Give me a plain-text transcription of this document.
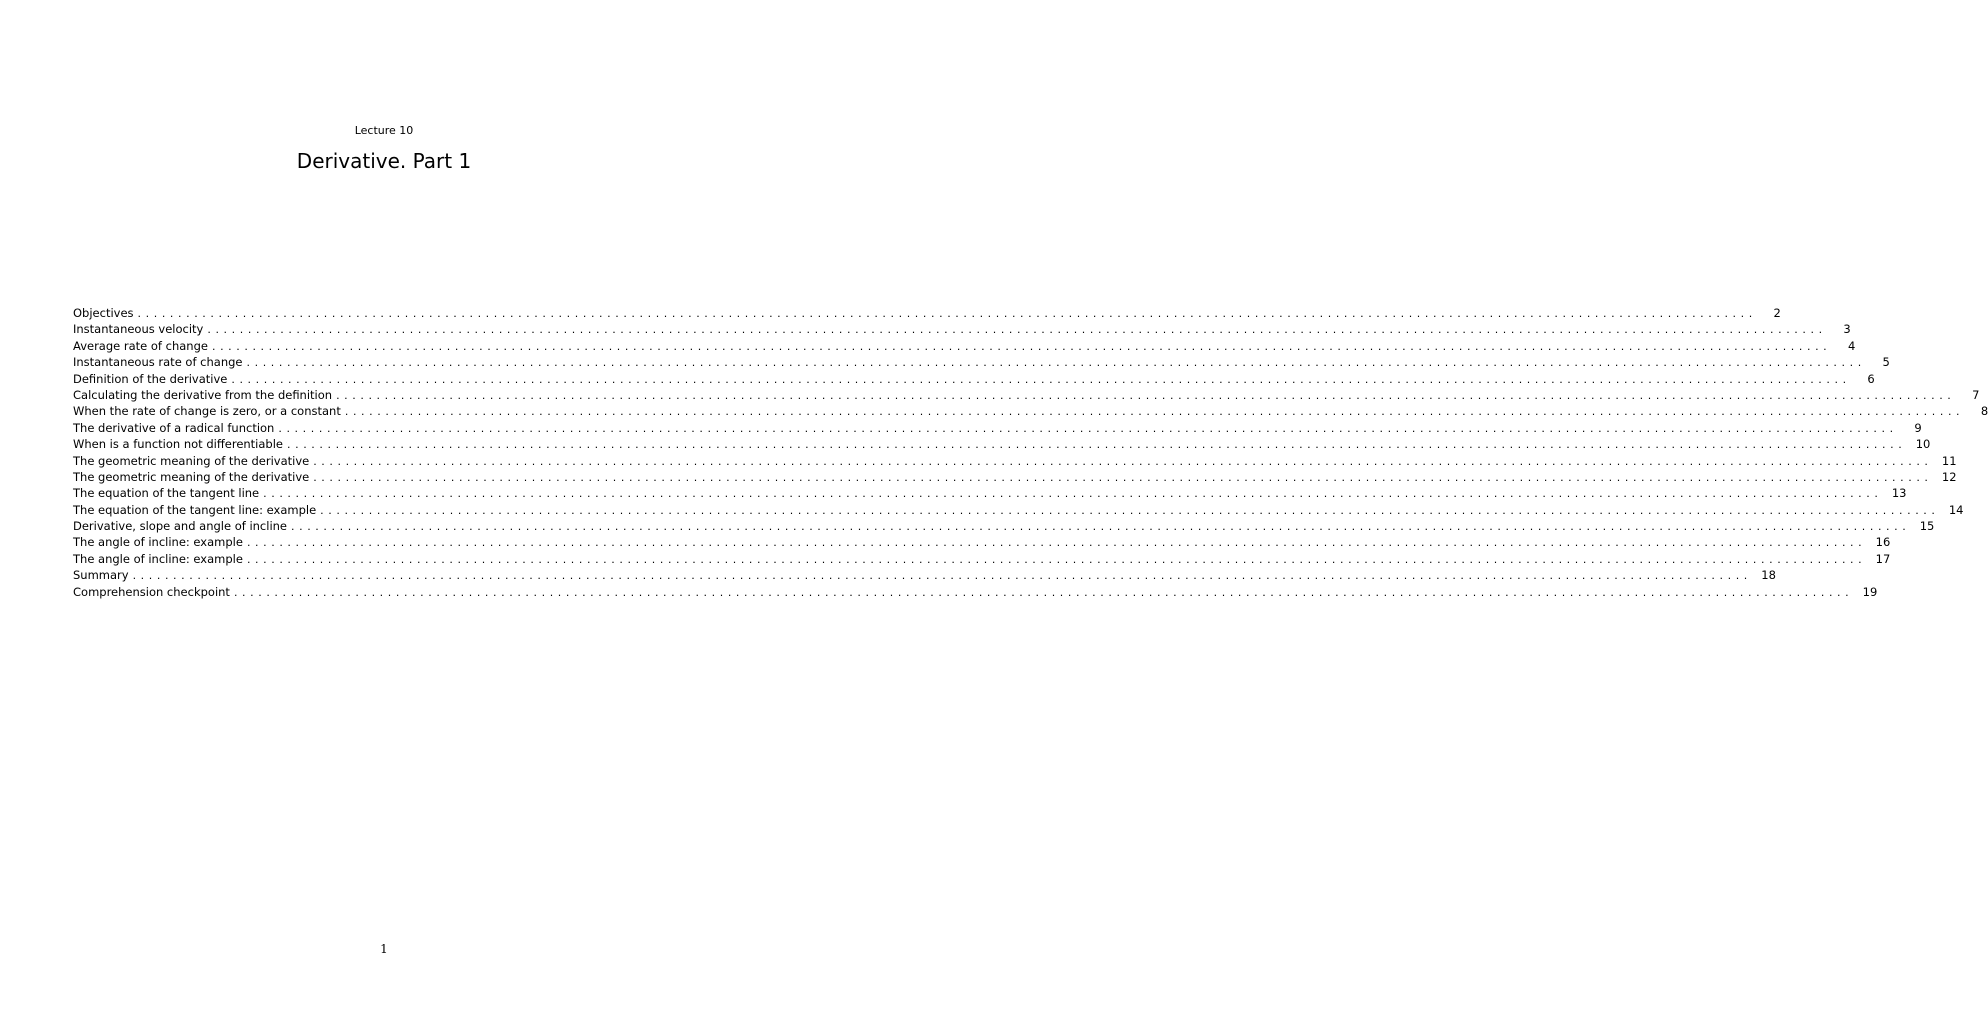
Lecture 10
Derivative. Part 1
Objectives ........................................................................................................................................................................................................	2
Instantaneous velocity ........................................................................................................................................................................................................	3
Average rate of change ........................................................................................................................................................................................................	4
Instantaneous rate of change ........................................................................................................................................................................................................	5
Definition of the derivative ........................................................................................................................................................................................................	6
Calculating the derivative from the definition ........................................................................................................................................................................................................	7
When the rate of change is zero, or a constant ........................................................................................................................................................................................................	8
The derivative of a radical function ........................................................................................................................................................................................................	9
When is a function not differentiable ........................................................................................................................................................................................................ 10
The geometric meaning of the derivative ........................................................................................................................................................................................................ 11
The geometric meaning of the derivative ........................................................................................................................................................................................................ 12
The equation of the tangent line ........................................................................................................................................................................................................ 13
The equation of the tangent line: example ........................................................................................................................................................................................................ 14
Derivative, slope and angle of incline ........................................................................................................................................................................................................ 15
The angle of incline: example ........................................................................................................................................................................................................ 16
The angle of incline: example ........................................................................................................................................................................................................ 17
Summary ........................................................................................................................................................................................................ 18
Comprehension checkpoint ........................................................................................................................................................................................................ 19
1
